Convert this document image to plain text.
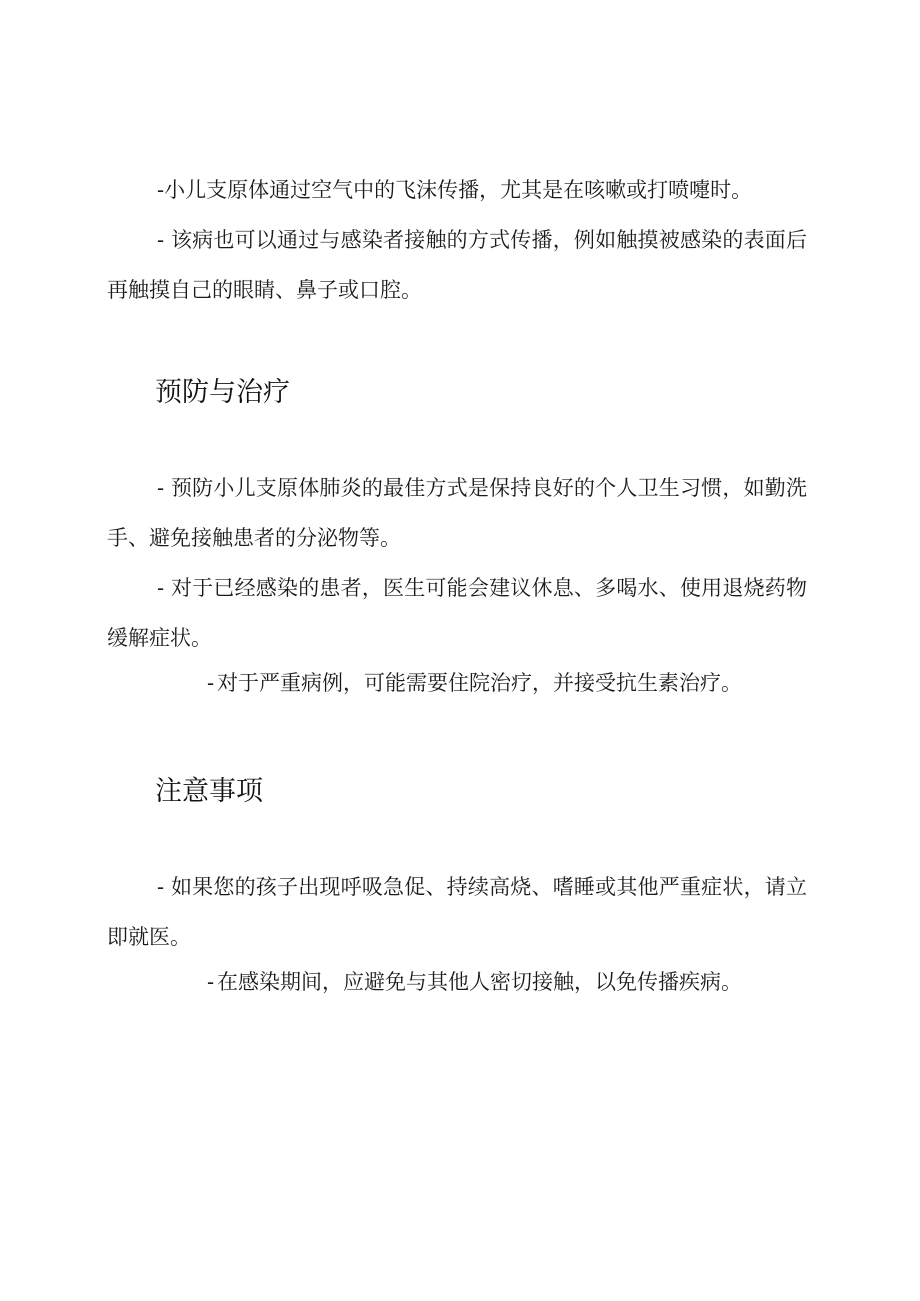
-小儿支原体通过空气中的飞沫传播，尤其是在咳嗽或打喷嚏时。

- 该病也可以通过与感染者接触的方式传播，例如触摸被感染的表面后再触摸自己的眼睛、鼻子或口腔。

预防与治疗

- 预防小儿支原体肺炎的最佳方式是保持良好的个人卫生习惯，如勤洗手、避免接触患者的分泌物等。

- 对于已经感染的患者，医生可能会建议休息、多喝水、使用退烧药物缓解症状。

- 对于严重病例，可能需要住院治疗，并接受抗生素治疗。

注意事项

- 如果您的孩子出现呼吸急促、持续高烧、嗜睡或其他严重症状，请立即就医。

- 在感染期间，应避免与其他人密切接触，以免传播疾病。
